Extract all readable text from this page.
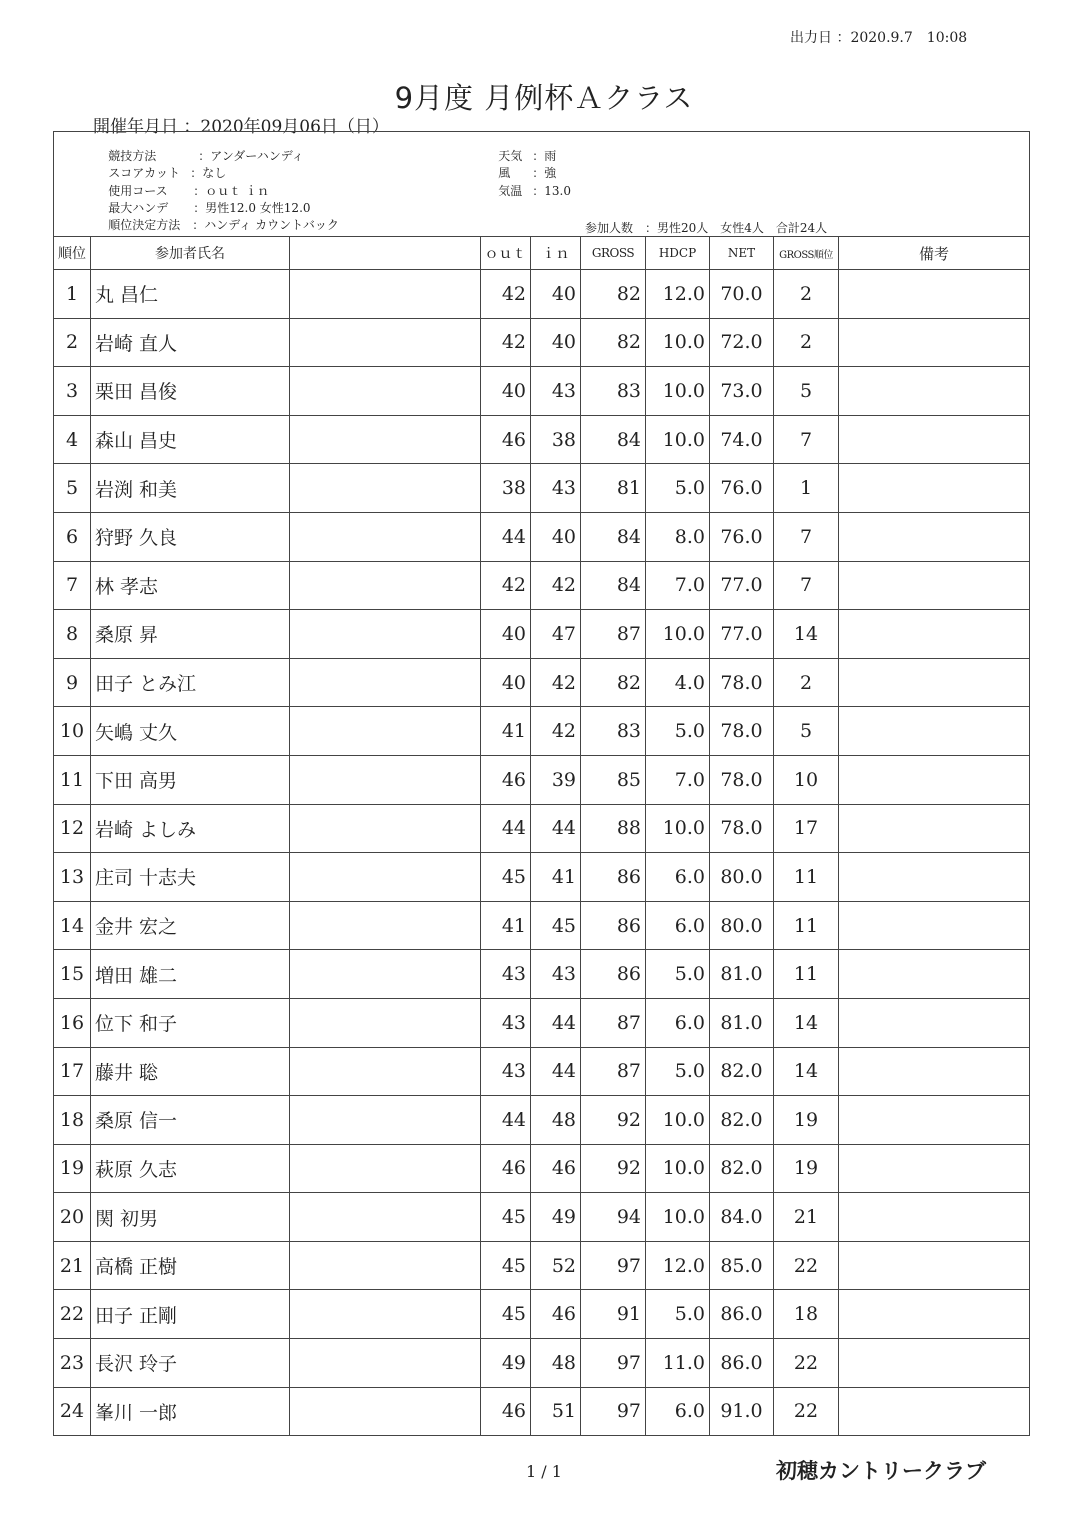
出力日 ：2020.9.7　10:08
9月度 月例杯Ａクラス
開催年月日 ：2020年09月06日（日）

競技方法	：アンダーハンディ

スコアカット ：なし

使用コース ：ｏｕｔ ｉｎ

最大ハンデ ：男性12.0 女性12.0

順位決定方法 ：ハンディ カウントバック

天気 ：雨

風 ：強

気温 ：13.0

参加人数　：男性20人　女性4人　合計24人
順位	参加者氏名		ｏｕｔ	ｉｎ	GROSS	HDCP	NET	GROSS順位	備考
1	丸 昌仁		42	40	82	12.0	70.0	2	
2	岩崎 直人		42	40	82	10.0	72.0	2	
3	栗田 昌俊		40	43	83	10.0	73.0	5	
4	森山 昌史		46	38	84	10.0	74.0	7	
5	岩渕 和美		38	43	81	5.0	76.0	1	
6	狩野 久良		44	40	84	8.0	76.0	7	
7	林 孝志		42	42	84	7.0	77.0	7	
8	桑原 昇		40	47	87	10.0	77.0	14	
9	田子 とみ江		40	42	82	4.0	78.0	2	
10	矢嶋 丈久		41	42	83	5.0	78.0	5	
11	下田 高男		46	39	85	7.0	78.0	10	
12	岩崎 よしみ		44	44	88	10.0	78.0	17	
13	庄司 十志夫		45	41	86	6.0	80.0	11	
14	金井 宏之		41	45	86	6.0	80.0	11	
15	増田 雄二		43	43	86	5.0	81.0	11	
16	位下 和子		43	44	87	6.0	81.0	14	
17	藤井 聡		43	44	87	5.0	82.0	14	
18	桑原 信一		44	48	92	10.0	82.0	19	
19	萩原 久志		46	46	92	10.0	82.0	19	
20	関 初男		45	49	94	10.0	84.0	21	
21	高橋 正樹		45	52	97	12.0	85.0	22	
22	田子 正剛		45	46	91	5.0	86.0	18	
23	長沢 玲子		49	48	97	11.0	86.0	22	
24	峯川 一郎		46	51	97	6.0	91.0	22	
1 / 1	初穂カントリークラブ
